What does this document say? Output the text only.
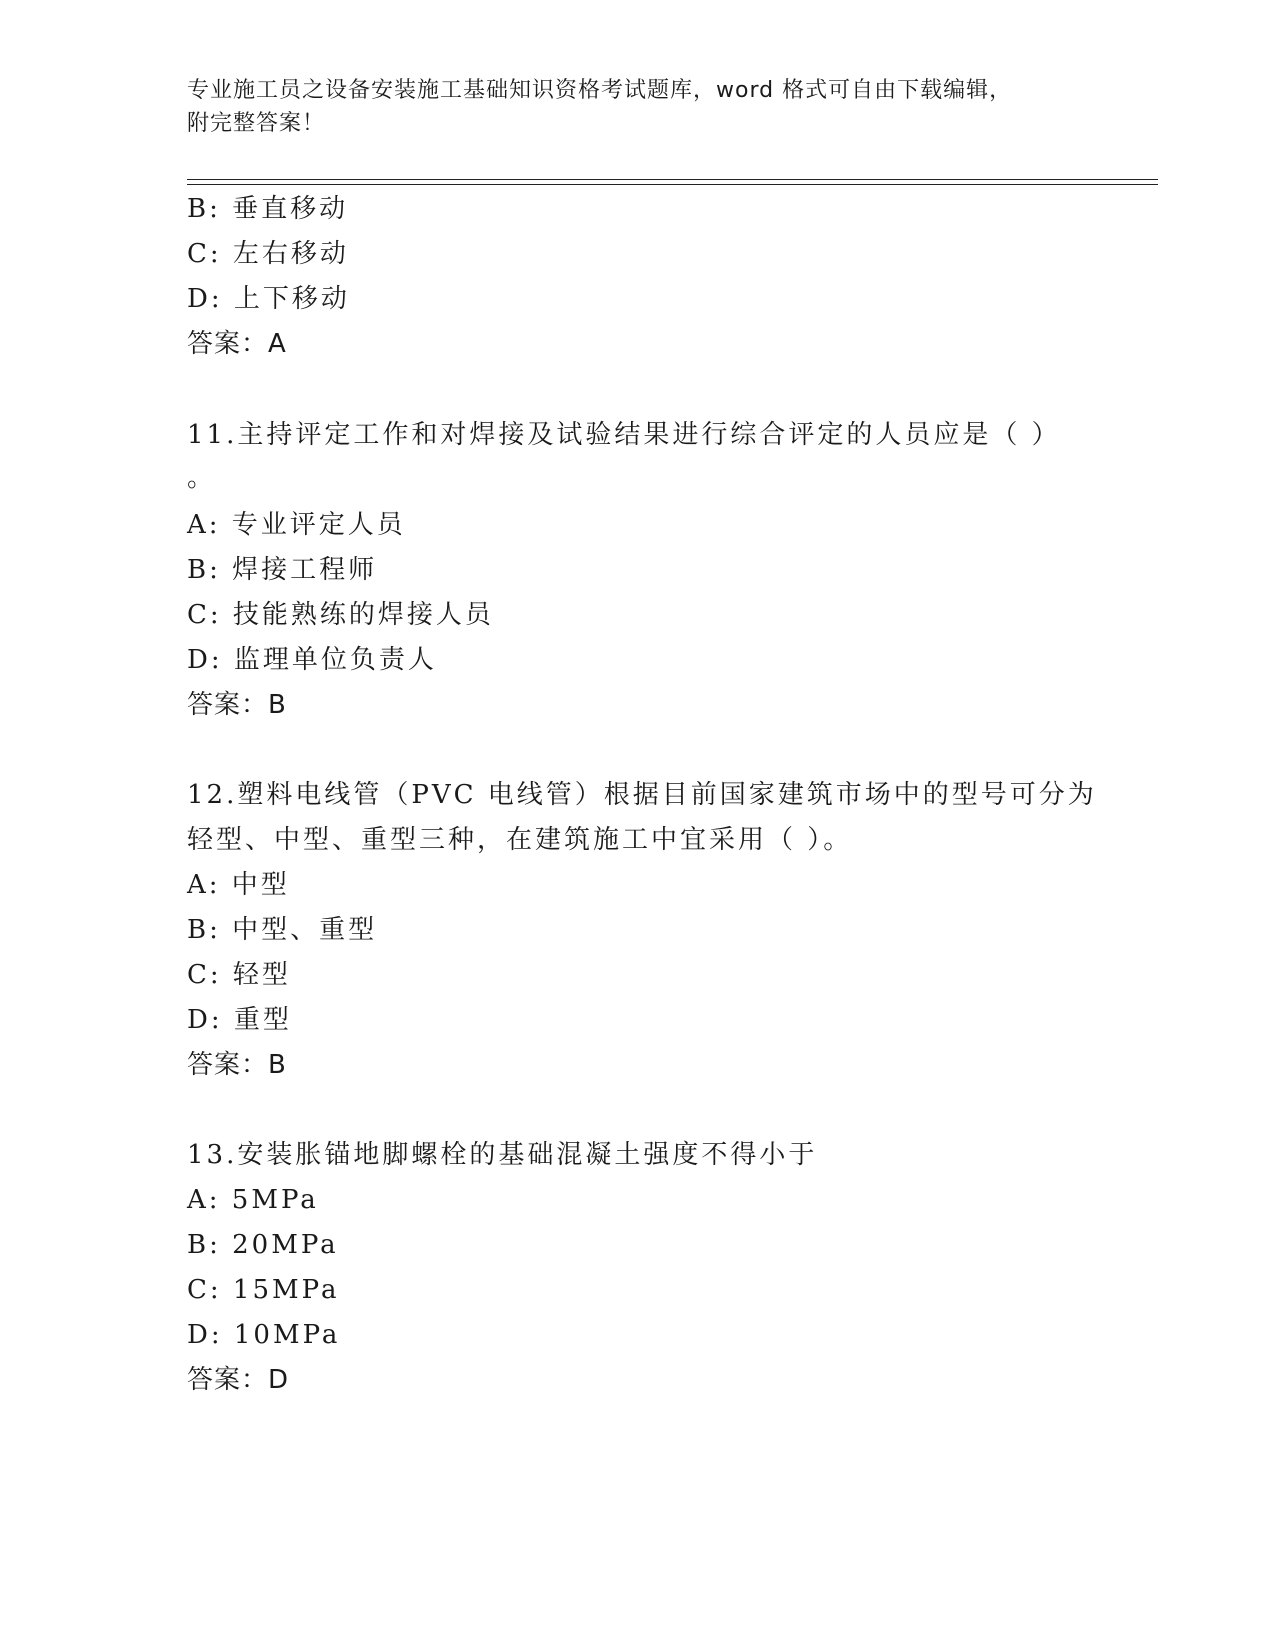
专业施工员之设备安装施工基础知识资格考试题库，word 格式可自由下载编辑，
附完整答案！
B: 垂直移动
C: 左右移动
D: 上下移动
答案：A
11.主持评定工作和对焊接及试验结果进行综合评定的人员应是（ ）
。
A: 专业评定人员
B: 焊接工程师
C: 技能熟练的焊接人员
D: 监理单位负责人
答案：B
12.塑料电线管（PVC 电线管）根据目前国家建筑市场中的型号可分为
轻型、中型、重型三种，在建筑施工中宜采用（ ）。
A: 中型
B: 中型、重型
C: 轻型
D: 重型
答案：B
13.安装胀锚地脚螺栓的基础混凝土强度不得小于
A: 5MPa
B: 20MPa
C: 15MPa
D: 10MPa
答案：D
